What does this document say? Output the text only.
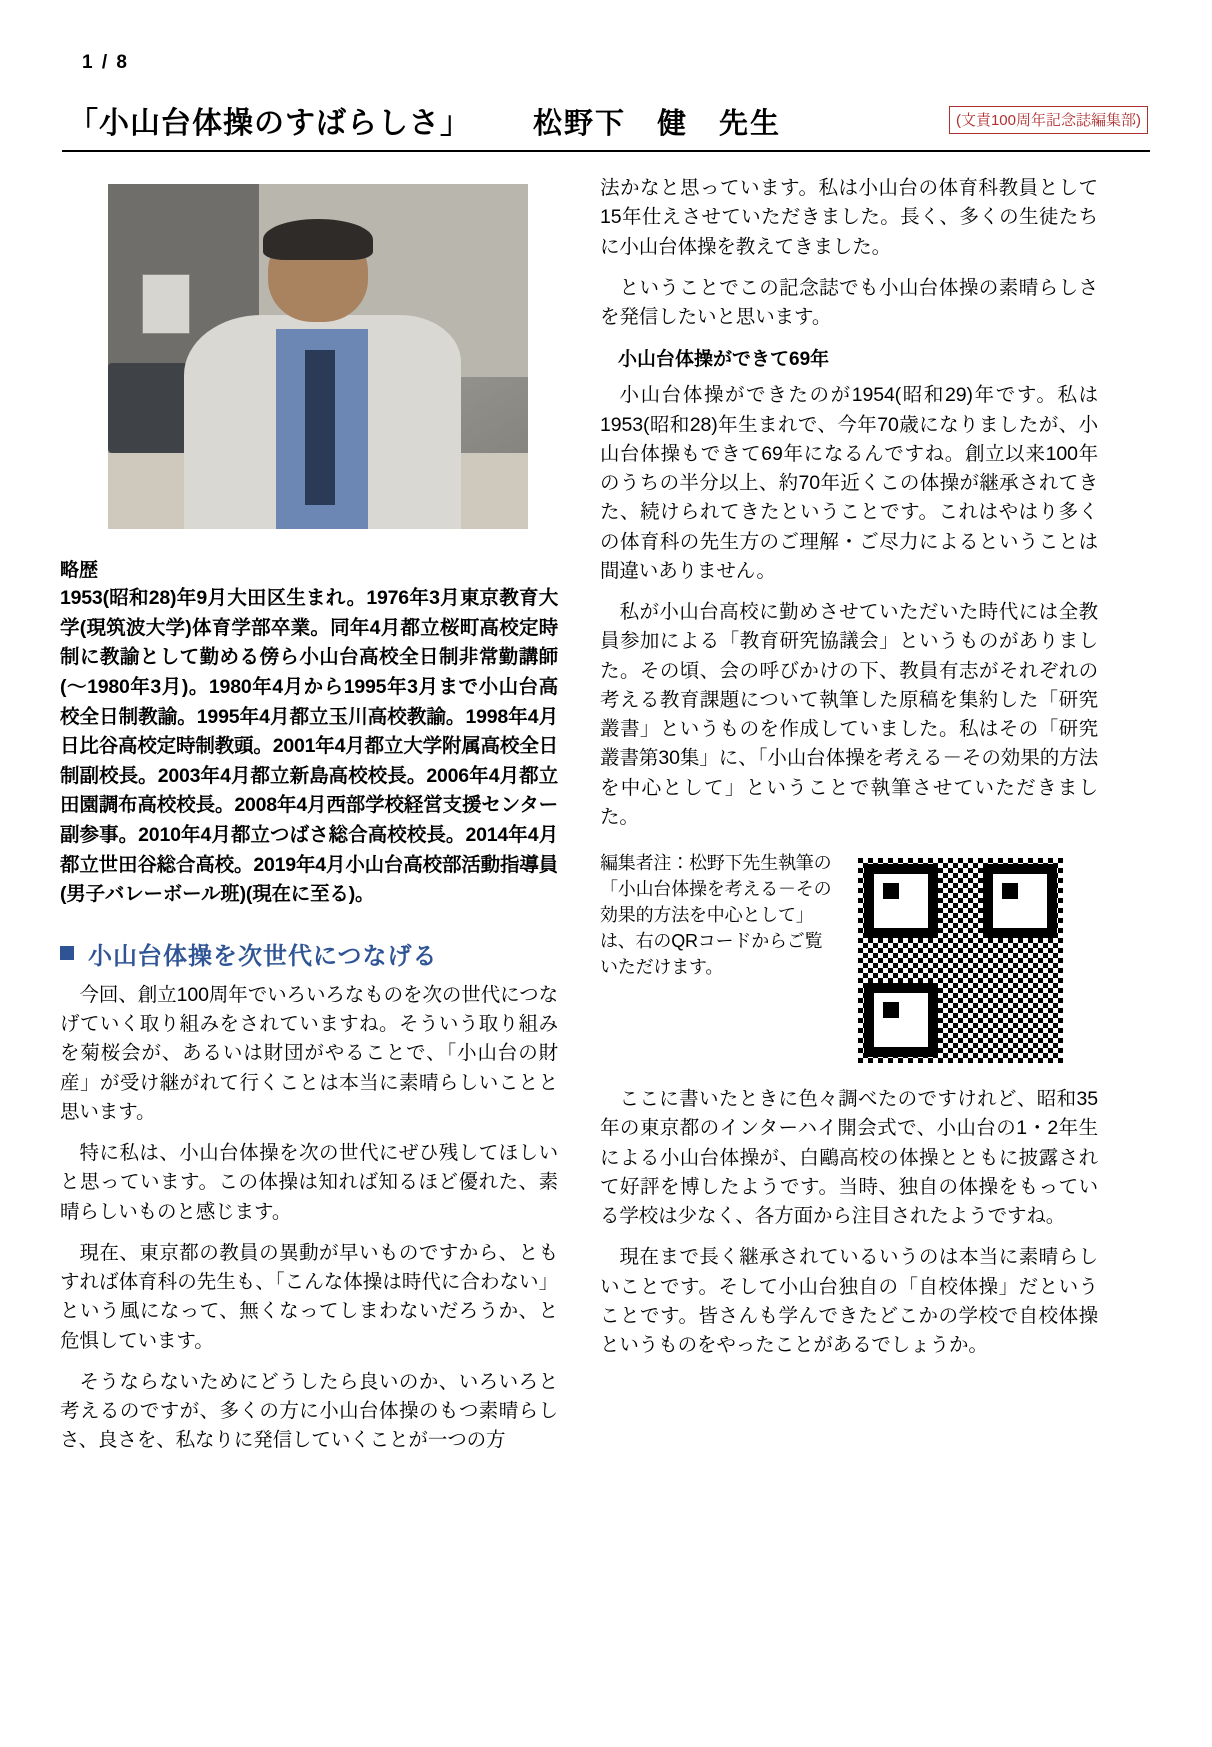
1 / 8
「小山台体操のすばらしさ」 松野下　健　先生	(文責100周年記念誌編集部)
略歴
1953(昭和28)年9月大田区生まれ。1976年3月東京教育大学(現筑波大学)体育学部卒業。同年4月都立桜町高校定時制に教諭として勤める傍ら小山台高校全日制非常勤講師(〜1980年3月)。1980年4月から1995年3月まで小山台高校全日制教諭。1995年4月都立玉川高校教諭。1998年4月日比谷高校定時制教頭。2001年4月都立大学附属高校全日制副校長。2003年4月都立新島高校校長。2006年4月都立田園調布高校校長。2008年4月西部学校経営支援センター副参事。2010年4月都立つばさ総合高校校長。2014年4月都立世田谷総合高校。2019年4月小山台高校部活動指導員(男子バレーボール班)(現在に至る)。
小山台体操を次世代につなげる

今回、創立100周年でいろいろなものを次の世代につなげていく取り組みをされていますね。そういう取り組みを菊桜会が、あるいは財団がやることで、「小山台の財産」が受け継がれて行くことは本当に素晴らしいことと思います。

特に私は、小山台体操を次の世代にぜひ残してほしいと思っています。この体操は知れば知るほど優れた、素晴らしいものと感じます。

現在、東京都の教員の異動が早いものですから、ともすれば体育科の先生も、「こんな体操は時代に合わない」という風になって、無くなってしまわないだろうか、と危惧しています。

そうならないためにどうしたら良いのか、いろいろと考えるのですが、多くの方に小山台体操のもつ素晴らしさ、良さを、私なりに発信していくことが一つの方

法かなと思っています。私は小山台の体育科教員として15年仕えさせていただきました。長く、多くの生徒たちに小山台体操を教えてきました。

ということでこの記念誌でも小山台体操の素晴らしさを発信したいと思います。

小山台体操ができて69年

小山台体操ができたのが1954(昭和29)年です。私は1953(昭和28)年生まれで、今年70歳になりましたが、小山台体操もできて69年になるんですね。創立以来100年のうちの半分以上、約70年近くこの体操が継承されてきた、続けられてきたということです。これはやはり多くの体育科の先生方のご理解・ご尽力によるということは間違いありません。

私が小山台高校に勤めさせていただいた時代には全教員参加による「教育研究協議会」というものがありました。その頃、会の呼びかけの下、教員有志がそれぞれの考える教育課題について執筆した原稿を集約した「研究叢書」というものを作成していました。私はその「研究叢書第30集」に、「小山台体操を考える－その効果的方法を中心として」ということで執筆させていただきました。

編集者注：松野下先生執筆の「小山台体操を考える－その効果的方法を中心として」は、右のQRコードからご覧いただけます。

ここに書いたときに色々調べたのですけれど、昭和35年の東京都のインターハイ開会式で、小山台の1・2年生による小山台体操が、白鷗高校の体操とともに披露されて好評を博したようです。当時、独自の体操をもっている学校は少なく、各方面から注目されたようですね。

現在まで長く継承されているいうのは本当に素晴らしいことです。そして小山台独自の「自校体操」だということです。皆さんも学んできたどこかの学校で自校体操というものをやったことがあるでしょうか。
